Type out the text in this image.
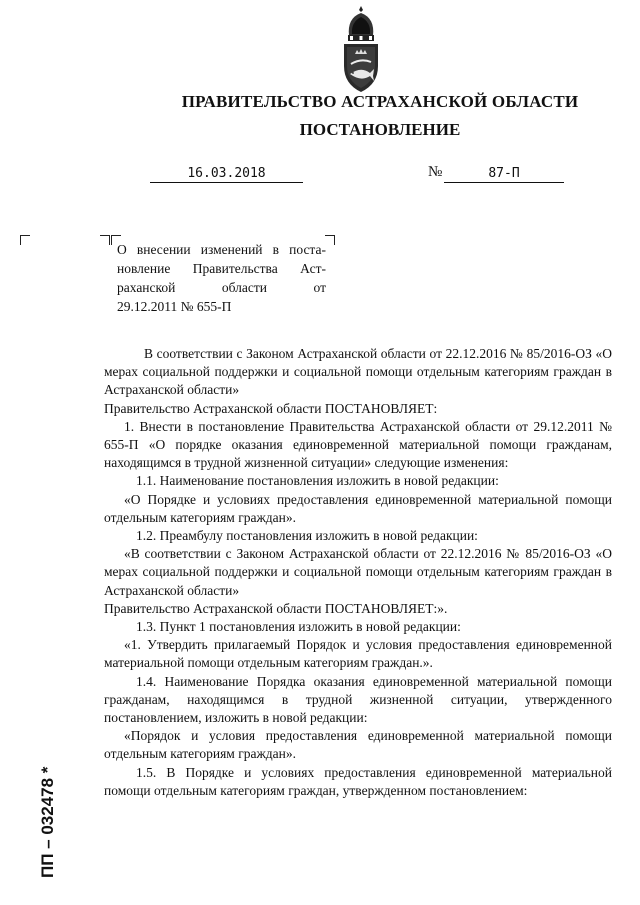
ПРАВИТЕЛЬСТВО АСТРАХАНСКОЙ ОБЛАСТИ
ПОСТАНОВЛЕНИЕ
16.03.2018	№	87-П
О внесении изменений в поста-
новление Правительства Аст-
раханской области от
29.12.2011 № 655-П

В соответствии с Законом Астраханской области от 22.12.2016 № 85/2016-ОЗ «О мерах социальной поддержки и социальной помощи отдельным категориям граждан в Астраханской области»

Правительство Астраханской области ПОСТАНОВЛЯЕТ:

1. Внести в постановление Правительства Астраханской области от 29.12.2011 № 655-П «О порядке оказания единовременной материальной помощи гражданам, находящимся в трудной жизненной ситуации» следующие изменения:

1.1. Наименование постановления изложить в новой редакции:

«О Порядке и условиях предоставления единовременной материальной помощи отдельным категориям граждан».

1.2. Преамбулу постановления изложить в новой редакции:

«В соответствии с Законом Астраханской области от 22.12.2016 № 85/2016-ОЗ «О мерах социальной поддержки и социальной помощи отдельным категориям граждан в Астраханской области»

Правительство Астраханской области ПОСТАНОВЛЯЕТ:».

1.3. Пункт 1 постановления изложить в новой редакции:

«1. Утвердить прилагаемый Порядок и условия предоставления единовременной материальной помощи отдельным категориям граждан.».

1.4. Наименование Порядка оказания единовременной материальной помощи гражданам, находящимся в трудной жизненной ситуации, утвержденного постановлением, изложить в новой редакции:

«Порядок и условия предоставления единовременной материальной помощи отдельным категориям граждан».

1.5. В Порядке и условиях предоставления единовременной материальной помощи отдельным категориям граждан, утвержденном постановлением:

ПП – 032478 *
